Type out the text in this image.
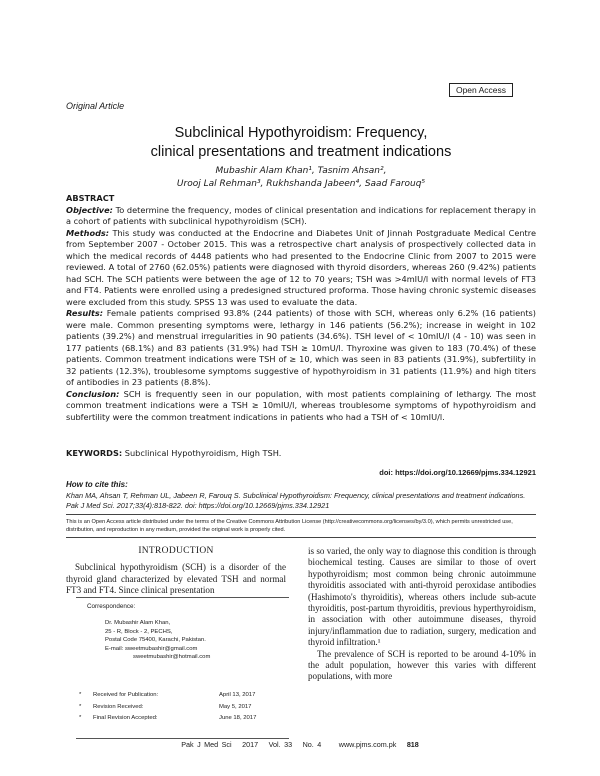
Open Access
Original Article
Subclinical Hypothyroidism: Frequency,
clinical presentations and treatment indications
Mubashir Alam Khan¹, Tasnim Ahsan²,
Urooj Lal Rehman³, Rukhshanda Jabeen⁴, Saad Farouq⁵

ABSTRACT

Objective: To determine the frequency, modes of clinical presentation and indications for replacement therapy in a cohort of patients with subclinical hypothyroidism (SCH).

Methods: This study was conducted at the Endocrine and Diabetes Unit of Jinnah Postgraduate Medical Centre from September 2007 - October 2015. This was a retrospective chart analysis of prospectively collected data in which the medical records of 4448 patients who had presented to the Endocrine Clinic from 2007 to 2015 were reviewed. A total of 2760 (62.05%) patients were diagnosed with thyroid disorders, whereas 260 (9.42%) patients had SCH. The SCH patients were between the age of 12 to 70 years; TSH was >4mIU/l with normal levels of FT3 and FT4. Patients were enrolled using a predesigned structured proforma. Those having chronic systemic diseases were excluded from this study. SPSS 13 was used to evaluate the data.

Results: Female patients comprised 93.8% (244 patients) of those with SCH, whereas only 6.2% (16 patients) were male. Common presenting symptoms were, lethargy in 146 patients (56.2%); increase in weight in 102 patients (39.2%) and menstrual irregularities in 90 patients (34.6%). TSH level of < 10mIU/l (4 - 10) was seen in 177 patients (68.1%) and 83 patients (31.9%) had TSH ≥ 10mU/l. Thyroxine was given to 183 (70.4%) of these patients. Common treatment indications were TSH of ≥ 10, which was seen in 83 patients (31.9%), subfertility in 32 patients (12.3%), troublesome symptoms suggestive of hypothyroidism in 31 patients (11.9%) and high titers of antibodies in 23 patients (8.8%).

Conclusion: SCH is frequently seen in our population, with most patients complaining of lethargy. The most common treatment indications were a TSH ≥ 10mIU/l, whereas troublesome symptoms of hypothyroidism and subfertility were the common treatment indications in patients who had a TSH of < 10mIU/l.

KEYWORDS: Subclinical Hypothyroidism, High TSH.
doi: https://doi.org/10.12669/pjms.334.12921
How to cite this:
Khan MA, Ahsan T, Rehman UL, Jabeen R, Farouq S. Subclinical Hypothyroidism: Frequency, clinical presentations and treatment indications. Pak J Med Sci. 2017;33(4):818-822. doi: https://doi.org/10.12669/pjms.334.12921
This is an Open Access article distributed under the terms of the Creative Commons Attribution License (http://creativecommons.org/licenses/by/3.0), which permits unrestricted use, distribution, and reproduction in any medium, provided the original work is properly cited.
INTRODUCTION
Subclinical hypothyroidism (SCH) is a disorder of the thyroid gland characterized by elevated TSH and normal FT3 and FT4. Since clinical presentation

is so varied, the only way to diagnose this condition is through biochemical testing. Causes are similar to those of overt hypothyroidism; most common being chronic autoimmune thyroiditis associated with anti-thyroid peroxidase antibodies (Hashimoto's thyroiditis), whereas others include sub-acute thyroiditis, post-partum thyroiditis, previous hyperthyroidism, in association with other autoimmune diseases, thyroid injury/inflammation due to radiation, surgery, medication and thyroid infiltration.¹

The prevalence of SCH is reported to be around 4-10% in the adult population, however this varies with different populations, with more

Correspondence:
Dr. Mubashir Alam Khan,
25 - R, Block - 2, PECHS,
Postal Code 75400, Karachi, Pakistan.
E-mail: sweetmubashir@gmail.com
sweetmubashir@hotmail.com
* Received for Publication:	April 13, 2017
* Revision Received:	May 5, 2017
* Final Revision Accepted:	June 18, 2017
Pak J Med Sci 2017 Vol. 33 No. 4 www.pjms.com.pk 818
